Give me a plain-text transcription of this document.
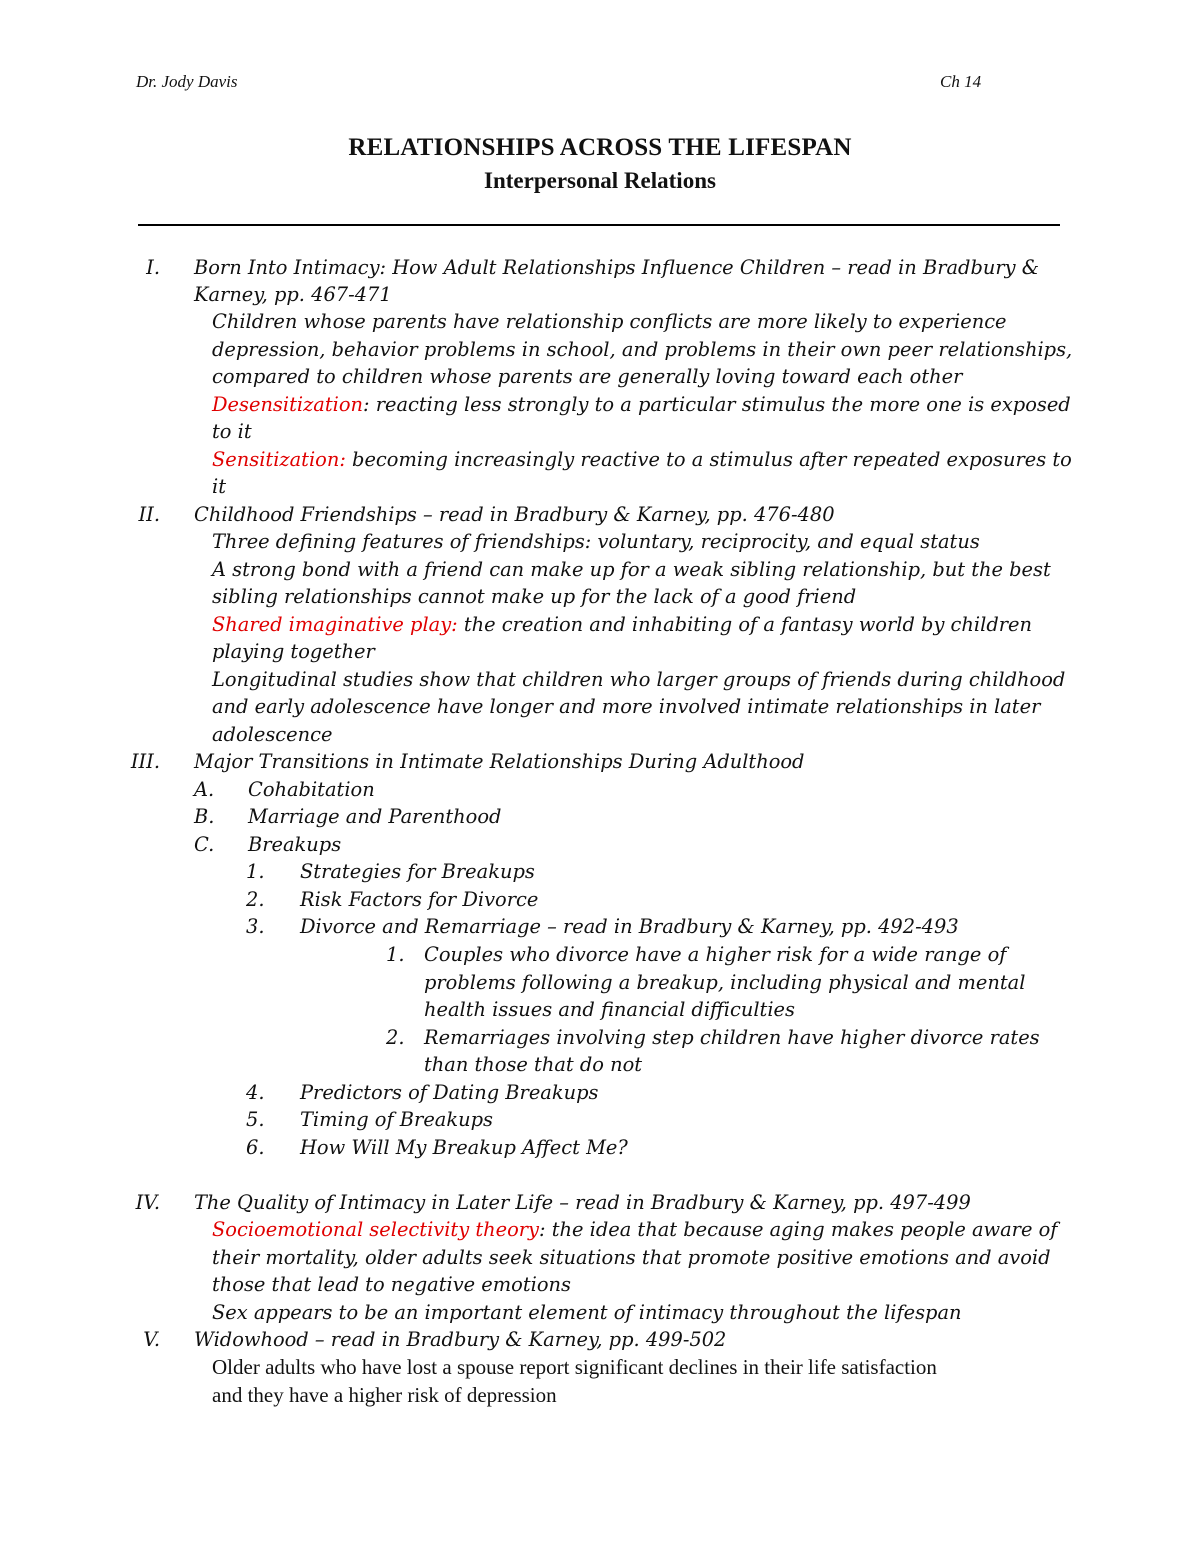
Dr. Jody Davis	Ch 14
RELATIONSHIPS ACROSS THE LIFESPAN
Interpersonal Relations
I. Born Into Intimacy: How Adult Relationships Influence Children – read in Bradbury &
Karney, pp. 467-471
Children whose parents have relationship conflicts are more likely to experience
depression, behavior problems in school, and problems in their own peer relationships,
compared to children whose parents are generally loving toward each other
Desensitization: reacting less strongly to a particular stimulus the more one is exposed
to it
Sensitization: becoming increasingly reactive to a stimulus after repeated exposures to
it
II. Childhood Friendships – read in Bradbury & Karney, pp. 476-480
Three defining features of friendships: voluntary, reciprocity, and equal status
A strong bond with a friend can make up for a weak sibling relationship, but the best
sibling relationships cannot make up for the lack of a good friend
Shared imaginative play: the creation and inhabiting of a fantasy world by children
playing together
Longitudinal studies show that children who larger groups of friends during childhood
and early adolescence have longer and more involved intimate relationships in later
adolescence
III. Major Transitions in Intimate Relationships During Adulthood
A. Cohabitation
B. Marriage and Parenthood
C. Breakups
1. Strategies for Breakups
2. Risk Factors for Divorce
3. Divorce and Remarriage – read in Bradbury & Karney, pp. 492-493
1. Couples who divorce have a higher risk for a wide range of
problems following a breakup, including physical and mental
health issues and financial difficulties
2. Remarriages involving step children have higher divorce rates
than those that do not
4. Predictors of Dating Breakups
5. Timing of Breakups
6. How Will My Breakup Affect Me?
IV. The Quality of Intimacy in Later Life – read in Bradbury & Karney, pp. 497-499
Socioemotional selectivity theory: the idea that because aging makes people aware of
their mortality, older adults seek situations that promote positive emotions and avoid
those that lead to negative emotions
Sex appears to be an important element of intimacy throughout the lifespan
V. Widowhood – read in Bradbury & Karney, pp. 499-502
Older adults who have lost a spouse report significant declines in their life satisfaction
and they have a higher risk of depression
